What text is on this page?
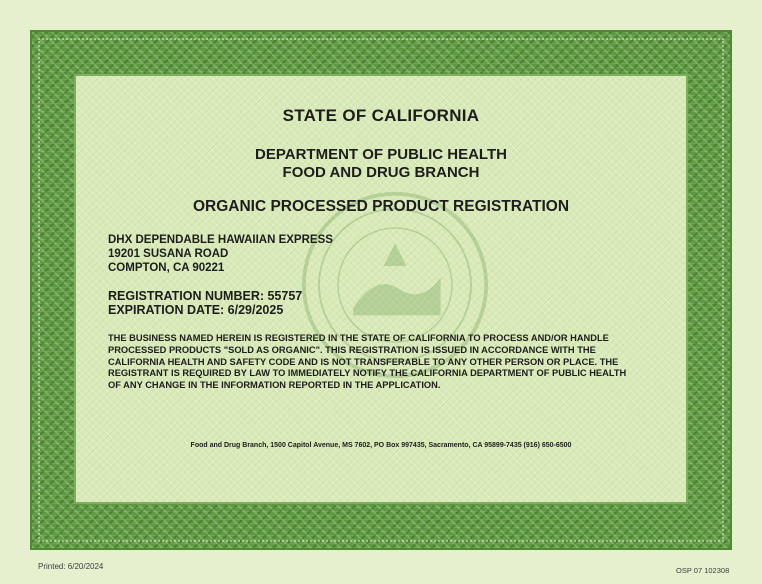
STATE OF CALIFORNIA
DEPARTMENT OF PUBLIC HEALTH
FOOD AND DRUG BRANCH
ORGANIC PROCESSED PRODUCT REGISTRATION
DHX DEPENDABLE HAWAIIAN EXPRESS
19201 SUSANA ROAD
COMPTON, CA 90221
REGISTRATION NUMBER: 55757
EXPIRATION DATE: 6/29/2025
THE BUSINESS NAMED HEREIN IS REGISTERED IN THE STATE OF CALIFORNIA TO PROCESS AND/OR HANDLE PROCESSED PRODUCTS "SOLD AS ORGANIC". THIS REGISTRATION IS ISSUED IN ACCORDANCE WITH THE CALIFORNIA HEALTH AND SAFETY CODE AND IS NOT TRANSFERABLE TO ANY OTHER PERSON OR PLACE. THE REGISTRANT IS REQUIRED BY LAW TO IMMEDIATELY NOTIFY THE CALIFORNIA DEPARTMENT OF PUBLIC HEALTH OF ANY CHANGE IN THE INFORMATION REPORTED IN THE APPLICATION.
Food and Drug Branch, 1500 Capitol Avenue, MS 7602, PO Box 997435, Sacramento, CA 95899-7435 (916) 650-6500
Printed: 6/20/2024	OSP 07 102308
